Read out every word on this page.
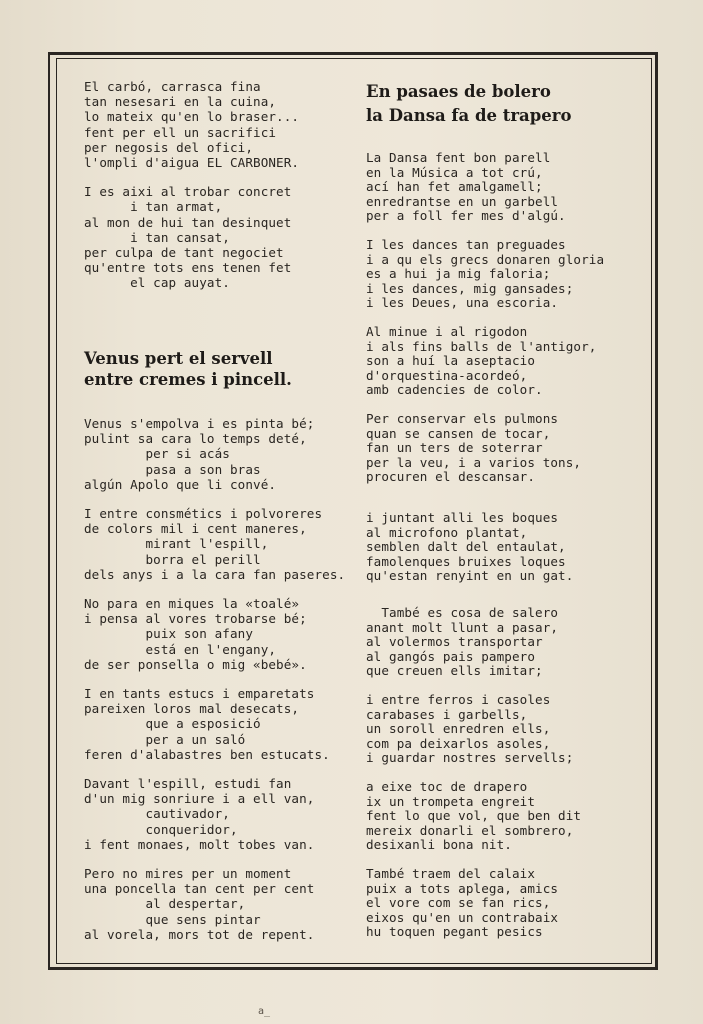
El carbó, carrasca fina
tan nesesari en la cuina,
lo mateix qu'en lo braser...
fent per ell un sacrifici
per negosis del ofici,
l'ompli d'aigua EL CARBONER.
I es aixi al trobar concret
i tan armat,
al mon de hui tan desinquet
i tan cansat,
per culpa de tant negociet
qu'entre tots ens tenen fet
el cap auyat.
Venus pert el servell
entre cremes i pincell.
Venus s'empolva i es pinta bé;
pulint sa cara lo temps deté,
per si acás
pasa a son bras
algún Apolo que li convé.
I entre consmétics i polvoreres
de colors mil i cent maneres,
mirant l'espill,
borra el perill
dels anys i a la cara fan paseres.
No para en miques la «toalé»
i pensa al vores trobarse bé;
puix son afany
está en l'engany,
de ser ponsella o mig «bebé».
I en tants estucs i emparetats
pareixen loros mal desecats,
que a esposició
per a un saló
feren d'alabastres ben estucats.
Davant l'espill, estudi fan
d'un mig sonriure i a ell van,
cautivador,
conqueridor,
i fent monaes, molt tobes van.
Pero no mires per un moment
una poncella tan cent per cent
al despertar,
que sens pintar
al vorela, mors tot de repent.
En pasaes de bolero
la Dansa fa de trapero
La Dansa fent bon parell
en la Música a tot crú,
ací han fet amalgamell;
enredrantse en un garbell
per a foll fer mes d'algú.
I les dances tan preguades
i a qu els grecs donaren gloria
es a hui ja mig faloria;
i les dances, mig gansades;
i les Deues, una escoria.
Al minue i al rigodon
i als fins balls de l'antigor,
son a huí la aseptacio
d'orquestina-acordeó,
amb cadencies de color.
Per conservar els pulmons
quan se cansen de tocar,
fan un ters de soterrar
per la veu, i a varios tons,
procuren el descansar.
i juntant alli les boques
al microfono plantat,
semblen dalt del entaulat,
famolenques bruixes loques
qu'estan renyint en un gat.
També es cosa de salero
anant molt llunt a pasar,
al volermos transportar
al gangós pais pampero
que creuen ells imitar;
i entre ferros i casoles
carabases i garbells,
un soroll enredren ells,
com pa deixarlos asoles,
i guardar nostres servells;
a eixe toc de drapero
ix un trompeta engreit
fent lo que vol, que ben dit
mereix donarli el sombrero,
desixanli bona nit.
També traem del calaix
puix a tots aplega, amics
el vore com se fan rics,
eixos qu'en un contrabaix
hu toquen pegant pesics
a_
